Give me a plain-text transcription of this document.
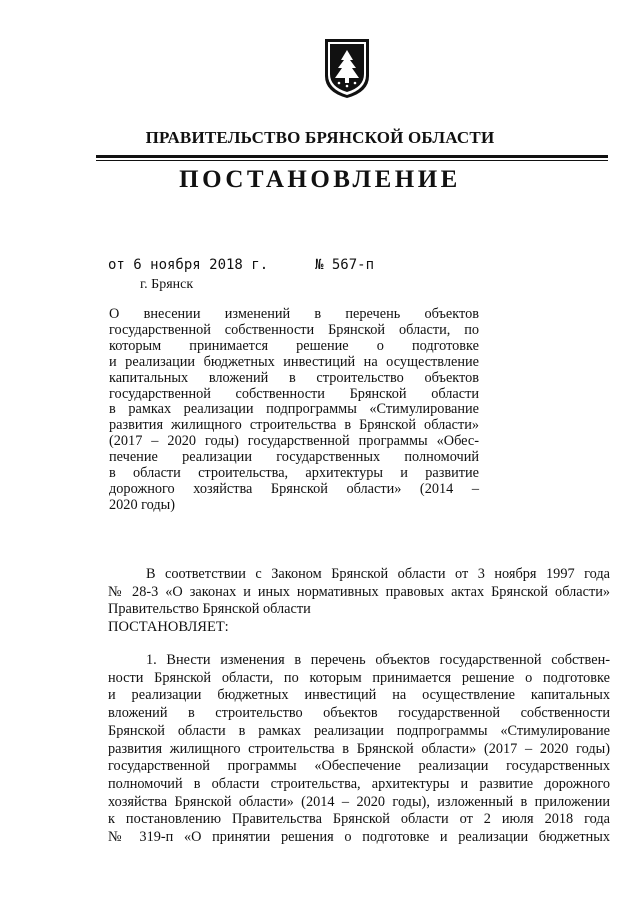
ПРАВИТЕЛЬСТВО БРЯНСКОЙ ОБЛАСТИ
ПОСТАНОВЛЕНИЕ
от 6 ноября 2018 г.	№ 567-п
г. Брянск
О внесении изменений в перечень объектов
государственной собственности Брянской области, по
которым принимается решение о подготовке
и реализации бюджетных инвестиций на осуществление
капитальных вложений в строительство объектов
государственной собственности Брянской области
в рамках реализации подпрограммы «Стимулирование
развития жилищного строительства в Брянской области»
(2017 – 2020 годы) государственной программы «Обес-
печение реализации государственных полномочий
в области строительства, архитектуры и развитие
дорожного хозяйства Брянской области» (2014 –
2020 годы)
В соответствии с Законом Брянской области от 3 ноября 1997 года
№ 28-3 «О законах и иных нормативных правовых актах Брянской области»
Правительство Брянской области
ПОСТАНОВЛЯЕТ:
1. Внести изменения в перечень объектов государственной собствен-
ности Брянской области, по которым принимается решение о подготовке
и реализации бюджетных инвестиций на осуществление капитальных
вложений в строительство объектов государственной собственности
Брянской области в рамках реализации подпрограммы «Стимулирование
развития жилищного строительства в Брянской области» (2017 – 2020 годы)
государственной программы «Обеспечение реализации государственных
полномочий в области строительства, архитектуры и развитие дорожного
хозяйства Брянской области» (2014 – 2020 годы), изложенный в приложении
к постановлению Правительства Брянской области от 2 июля 2018 года
№ 319-п «О принятии решения о подготовке и реализации бюджетных
